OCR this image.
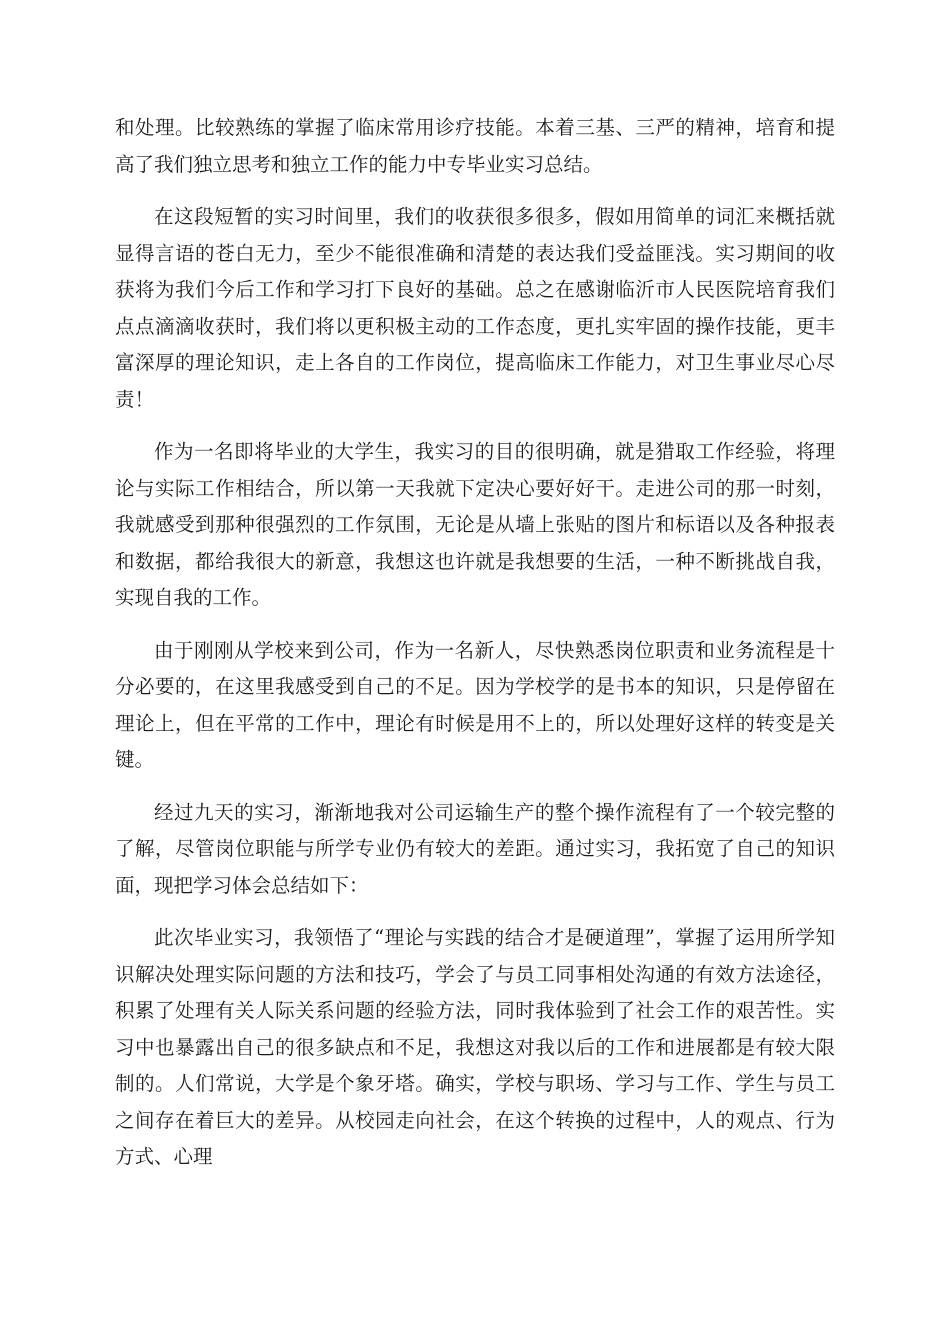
和处理。比较熟练的掌握了临床常用诊疗技能。本着三基、三严的精神，培育和提高了我们独立思考和独立工作的能力中专毕业实习总结。

在这段短暂的实习时间里，我们的收获很多很多，假如用简单的词汇来概括就显得言语的苍白无力，至少不能很准确和清楚的表达我们受益匪浅。实习期间的收获将为我们今后工作和学习打下良好的基础。总之在感谢临沂市人民医院培育我们点点滴滴收获时，我们将以更积极主动的工作态度，更扎实牢固的操作技能，更丰富深厚的理论知识，走上各自的工作岗位，提高临床工作能力，对卫生事业尽心尽责！

作为一名即将毕业的大学生，我实习的目的很明确，就是猎取工作经验，将理论与实际工作相结合，所以第一天我就下定决心要好好干。走进公司的那一时刻，我就感受到那种很强烈的工作氛围，无论是从墙上张贴的图片和标语以及各种报表和数据，都给我很大的新意，我想这也许就是我想要的生活，一种不断挑战自我，实现自我的工作。

由于刚刚从学校来到公司，作为一名新人，尽快熟悉岗位职责和业务流程是十分必要的，在这里我感受到自己的不足。因为学校学的是书本的知识，只是停留在理论上，但在平常的工作中，理论有时候是用不上的，所以处理好这样的转变是关键。

经过九天的实习，渐渐地我对公司运输生产的整个操作流程有了一个较完整的了解，尽管岗位职能与所学专业仍有较大的差距。通过实习，我拓宽了自己的知识面，现把学习体会总结如下：

此次毕业实习，我领悟了“理论与实践的结合才是硬道理”，掌握了运用所学知识解决处理实际问题的方法和技巧，学会了与员工同事相处沟通的有效方法途径，积累了处理有关人际关系问题的经验方法，同时我体验到了社会工作的艰苦性。实习中也暴露出自己的很多缺点和不足，我想这对我以后的工作和进展都是有较大限制的。人们常说，大学是个象牙塔。确实，学校与职场、学习与工作、学生与员工之间存在着巨大的差异。从校园走向社会，在这个转换的过程中，人的观点、行为方式、心理
